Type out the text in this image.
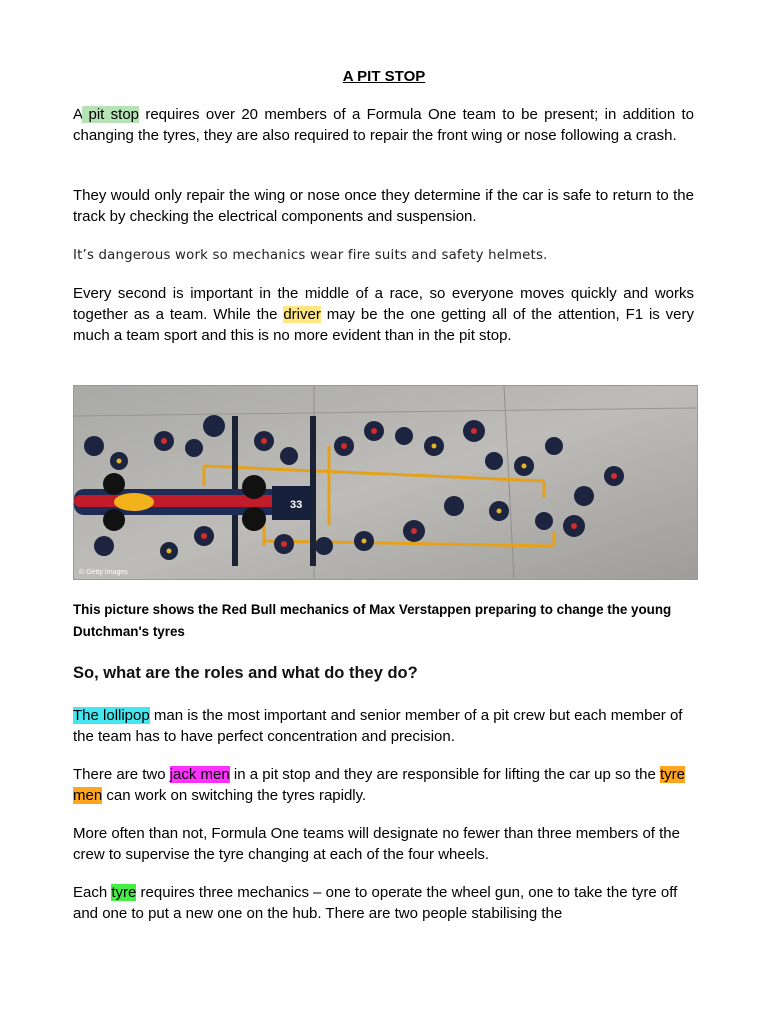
A PIT STOP

A pit stop requires over 20 members of a Formula One team to be present; in addition to changing the tyres, they are also required to repair the front wing or nose following a crash.

They would only repair the wing or nose once they determine if the car is safe to return to the track by checking the electrical components and suspension.

It’s dangerous work so mechanics wear fire suits and safety helmets.

Every second is important in the middle of a race, so everyone moves quickly and works together as a team. While the driver may be the one getting all of the attention, F1 is very much a team sport and this is no more evident than in the pit stop.

33
© Getty Images
This picture shows the Red Bull mechanics of Max Verstappen preparing to change the young Dutchman's tyres
So, what are the roles and what do they do?

The lollipop man is the most important and senior member of a pit crew but each member of the team has to have perfect concentration and precision.

There are two jack men in a pit stop and they are responsible for lifting the car up so the tyre men can work on switching the tyres rapidly.

More often than not, Formula One teams will designate no fewer than three members of the crew to supervise the tyre changing at each of the four wheels.

Each tyre requires three mechanics – one to operate the wheel gun, one to take the tyre off and one to put a new one on the hub. There are two people stabilising the
